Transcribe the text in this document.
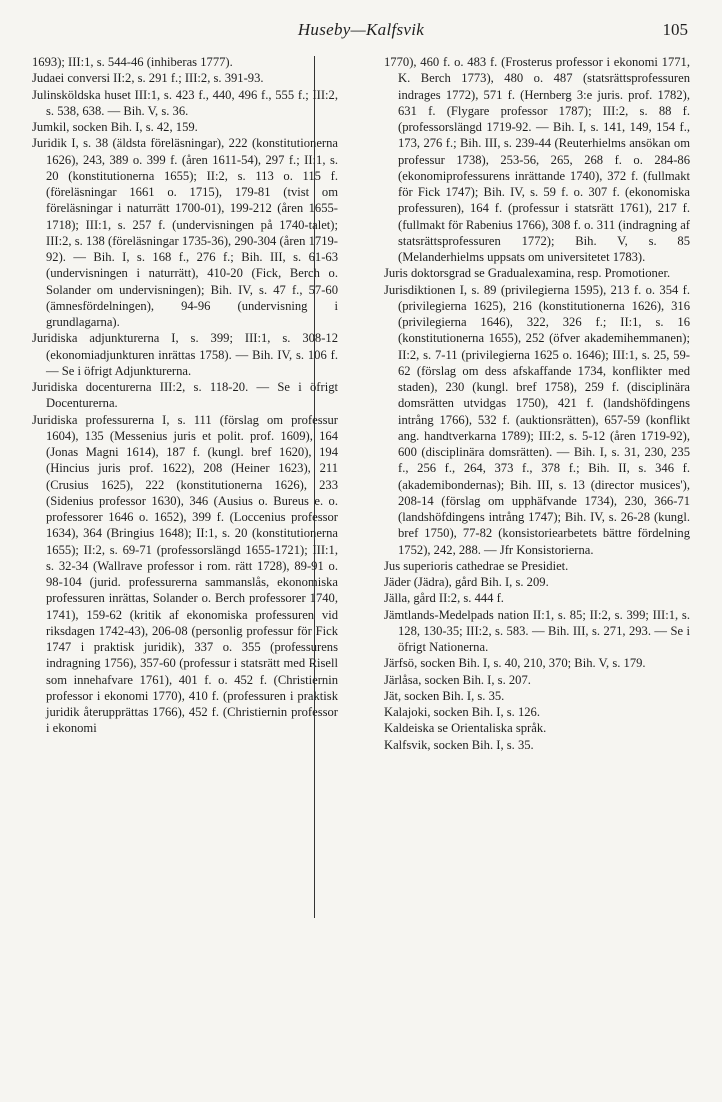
Huseby—Kalfsvik	105

1693); III:1, s. 544-46 (inhiberas 1777).

Judaei conversi II:2, s. 291 f.; III:2, s. 391-93.

Julinsköldska huset III:1, s. 423 f., 440, 496 f., 555 f.; III:2, s. 538, 638. — Bih. V, s. 36.

Jumkil, socken Bih. I, s. 42, 159.

Juridik I, s. 38 (äldsta föreläsningar), 222 (konstitutionerna 1626), 243, 389 o. 399 f. (åren 1611-54), 297 f.; II:1, s. 20 (konstitutionerna 1655); II:2, s. 113 o. 115 f. (föreläsningar 1661 o. 1715), 179-81 (tvist om föreläsningar i naturrätt 1700-01), 199-212 (åren 1655-1718); III:1, s. 257 f. (undervisningen på 1740-talet); III:2, s. 138 (föreläsningar 1735-36), 290-304 (åren 1719-92). — Bih. I, s. 168 f., 276 f.; Bih. III, s. 61-63 (undervisningen i naturrätt), 410-20 (Fick, Berch o. Solander om undervisningen); Bih. IV, s. 47 f., 57-60 (ämnesfördelningen), 94-96 (undervisning i grundlagarna).

Juridiska adjunkturerna I, s. 399; III:1, s. 308-12 (ekonomiadjunkturen inrättas 1758). — Bih. IV, s. 106 f. — Se i öfrigt Adjunkturerna.

Juridiska docenturerna III:2, s. 118-20. — Se i öfrigt Docenturerna.

Juridiska professurerna I, s. 111 (förslag om professur 1604), 135 (Messenius juris et polit. prof. 1609), 164 (Jonas Magni 1614), 187 f. (kungl. bref 1620), 194 (Hincius juris prof. 1622), 208 (Heiner 1623), 211 (Crusius 1625), 222 (konstitutionerna 1626), 233 (Sidenius professor 1630), 346 (Ausius o. Bureus e. o. professorer 1646 o. 1652), 399 f. (Loccenius professor 1634), 364 (Bringius 1648); II:1, s. 20 (konstitutionerna 1655); II:2, s. 69-71 (professorslängd 1655-1721); III:1, s. 32-34 (Wallrave professor i rom. rätt 1728), 89-91 o. 98-104 (jurid. professurerna sammanslås, ekonomiska professuren inrättas, Solander o. Berch professorer 1740, 1741), 159-62 (kritik af ekonomiska professuren vid riksdagen 1742-43), 206-08 (personlig professur för Fick 1747 i praktisk juridik), 337 o. 355 (professurens indragning 1756), 357-60 (professur i statsrätt med Risell som innehafvare 1761), 401 f. o. 452 f. (Christiernin professor i ekonomi 1770), 410 f. (professuren i praktisk juridik återupprättas 1766), 452 f. (Christiernin professor i ekonomi

1770), 460 f. o. 483 f. (Frosterus professor i ekonomi 1771, K. Berch 1773), 480 o. 487 (statsrättsprofessuren indrages 1772), 571 f. (Hernberg 3:e juris. prof. 1782), 631 f. (Flygare professor 1787); III:2, s. 88 f. (professorslängd 1719-92. — Bih. I, s. 141, 149, 154 f., 173, 276 f.; Bih. III, s. 239-44 (Reuterhielms ansökan om professur 1738), 253-56, 265, 268 f. o. 284-86 (ekonomiprofessurens inrättande 1740), 372 f. (fullmakt för Fick 1747); Bih. IV, s. 59 f. o. 307 f. (ekonomiska professuren), 164 f. (professur i statsrätt 1761), 217 f. (fullmakt för Rabenius 1766), 308 f. o. 311 (indragning af statsrättsprofessuren 1772); Bih. V, s. 85 (Melanderhielms uppsats om universitetet 1783).

Juris doktorsgrad se Gradualexamina, resp. Promotioner.

Jurisdiktionen I, s. 89 (privilegierna 1595), 213 f. o. 354 f. (privilegierna 1625), 216 (konstitutionerna 1626), 316 (privilegierna 1646), 322, 326 f.; II:1, s. 16 (konstitutionerna 1655), 252 (öfver akademihemmanen); II:2, s. 7-11 (privilegierna 1625 o. 1646); III:1, s. 25, 59-62 (förslag om dess afskaffande 1734, konflikter med staden), 230 (kungl. bref 1758), 259 f. (disciplinära domsrätten utvidgas 1750), 421 f. (landshöfdingens intrång 1766), 532 f. (auktionsrätten), 657-59 (konflikt ang. handtverkarna 1789); III:2, s. 5-12 (åren 1719-92), 600 (disciplinära domsrätten). — Bih. I, s. 31, 230, 235 f., 256 f., 264, 373 f., 378 f.; Bih. II, s. 346 f. (akademibondernas); Bih. III, s. 13 (director musices'), 208-14 (förslag om upphäfvande 1734), 230, 366-71 (landshöfdingens intrång 1747); Bih. IV, s. 26-28 (kungl. bref 1750), 77-82 (konsistoriearbetets bättre fördelning 1752), 242, 288. — Jfr Konsistorierna.

Jus superioris cathedrae se Presidiet.

Jäder (Jädra), gård Bih. I, s. 209.

Jälla, gård II:2, s. 444 f.

Jämtlands-Medelpads nation II:1, s. 85; II:2, s. 399; III:1, s. 128, 130-35; III:2, s. 583. — Bih. III, s. 271, 293. — Se i öfrigt Nationerna.

Järfsö, socken Bih. I, s. 40, 210, 370; Bih. V, s. 179.

Järlåsa, socken Bih. I, s. 207.

Jät, socken Bih. I, s. 35.

Kalajoki, socken Bih. I, s. 126.

Kaldeiska se Orientaliska språk.

Kalfsvik, socken Bih. I, s. 35.
